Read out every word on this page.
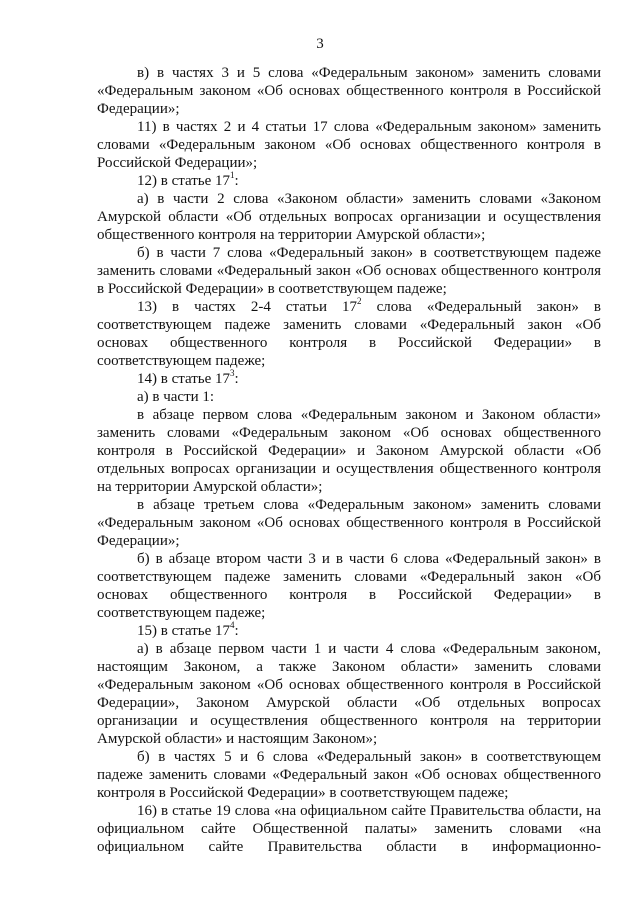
3

в) в частях 3 и 5 слова «Федеральным законом» заменить словами «Федеральным законом «Об основах общественного контроля в Российской Федерации»;

11) в частях 2 и 4 статьи 17 слова «Федеральным законом» заменить словами «Федеральным законом «Об основах общественного контроля в Российской Федерации»;

12) в статье $17^1$:

а) в части 2 слова «Законом области» заменить словами «Законом Амурской области «Об отдельных вопросах организации и осуществления общественного контроля на территории Амурской области»;

б) в части 7 слова «Федеральный закон» в соответствующем падеже заменить словами «Федеральный закон «Об основах общественного контроля в Российской Федерации» в соответствующем падеже;

13) в частях 2-4 статьи $17^2$ слова «Федеральный закон» в соответствующем падеже заменить словами «Федеральный закон «Об основах общественного контроля в Российской Федерации» в соответствующем падеже;

14) в статье $17^3$:

а) в части 1:

в абзаце первом слова «Федеральным законом и Законом области» заменить словами «Федеральным законом «Об основах общественного контроля в Российской Федерации» и Законом Амурской области «Об отдельных вопросах организации и осуществления общественного контроля на территории Амурской области»;

в абзаце третьем слова «Федеральным законом» заменить словами «Федеральным законом «Об основах общественного контроля в Российской Федерации»;

б) в абзаце втором части 3 и в части 6 слова «Федеральный закон» в соответствующем падеже заменить словами «Федеральный закон «Об основах общественного контроля в Российской Федерации» в соответствующем падеже;

15) в статье $17^4$:

а) в абзаце первом части 1 и части 4 слова «Федеральным законом, настоящим Законом, а также Законом области» заменить словами «Федеральным законом «Об основах общественного контроля в Российской Федерации», Законом Амурской области «Об отдельных вопросах организации и осуществления общественного контроля на территории Амурской области» и настоящим Законом»;

б) в частях 5 и 6 слова «Федеральный закон» в соответствующем падеже заменить словами «Федеральный закон «Об основах общественного контроля в Российской Федерации» в соответствующем падеже;

16) в статье 19 слова «на официальном сайте Правительства области, на официальном сайте Общественной палаты» заменить словами «на официальном сайте Правительства области в информационно-
